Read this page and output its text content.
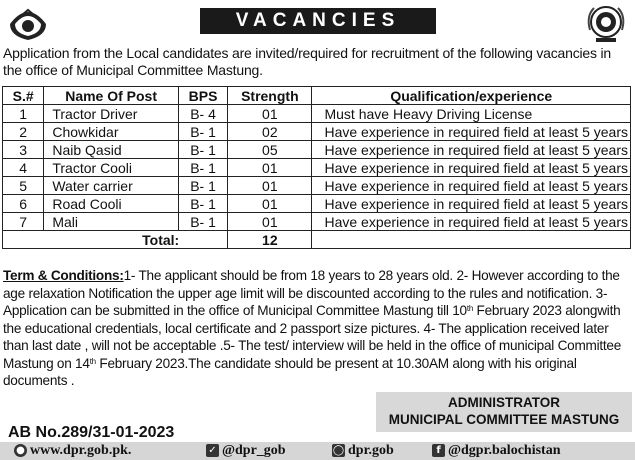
VACANCIES
Application from the Local candidates are invited/required for recruitment of the following vacancies in the office of Municipal Committee Mastung.
S.#	Name Of Post	BPS	Strength	Qualification/experience
1	Tractor Driver	B- 4	01	Must have Heavy Driving License
2	Chowkidar	B- 1	02	Have experience in required field at least 5 years
3	Naib Qasid	B- 1	05	Have experience in required field at least 5 years
4	Tractor Cooli	B- 1	01	Have experience in required field at least 5 years
5	Water carrier	B- 1	01	Have experience in required field at least 5 years
6	Road Cooli	B- 1	01	Have experience in required field at least 5 years
7	Mali	B- 1	01	Have experience in required field at least 5 years
Total:			12	
Term & Conditions:1- The applicant should be from 18 years to 28 years old. 2- However according to the age relaxation Notification the upper age limit will be discounted according to the rules and notification. 3- Application can be submitted in the office of Municipal Committee Mastung till 10th February 2023 alongwith the educational credentials, local certificate and 2 passport size pictures. 4- The application received later than last date , will not be acceptable .5- The test/ interview will be held in the office of municipal Committee Mastung on 14th February 2023.The candidate should be present at 10.30AM along with his original documents .
ADMINISTRATOR
MUNICIPAL COMMITTEE MASTUNG
AB No.289/31-01-2023
● www.dpr.gob.pk.	✓ @dpr_gob	◯ dpr.gob	f @dgpr.balochistan
